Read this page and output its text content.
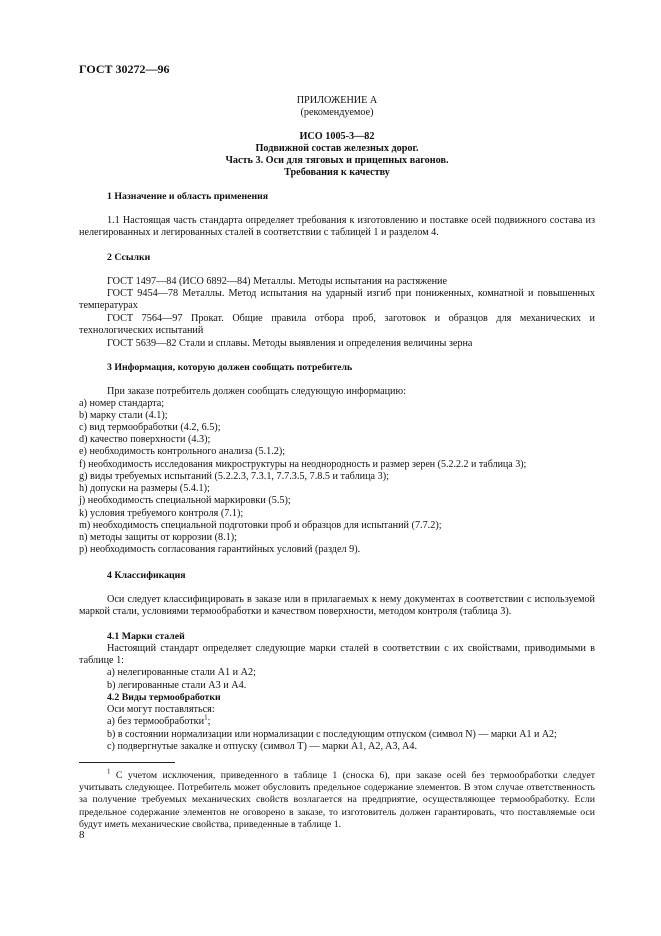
ГОСТ 30272—96
ПРИЛОЖЕНИЕ А
(рекомендуемое)
ИСО 1005-3—82
Подвижной состав железных дорог.
Часть 3. Оси для тяговых и прицепных вагонов.
Требования к качеству
1 Назначение и область применения
1.1 Настоящая часть стандарта определяет требования к изготовлению и поставке осей подвижного состава из нелегированных и легированных сталей в соответствии с таблицей 1 и разделом 4.
2 Ссылки
ГОСТ 1497—84 (ИСО 6892—84) Металлы. Методы испытания на растяжение
ГОСТ 9454—78 Металлы. Метод испытания на ударный изгиб при пониженных, комнатной и повышенных температурах
ГОСТ 7564—97 Прокат. Общие правила отбора проб, заготовок и образцов для механических и технологических испытаний
ГОСТ 5639—82 Стали и сплавы. Методы выявления и определения величины зерна
3 Информация, которую должен сообщать потребитель
При заказе потребитель должен сообщать следующую информацию:
a) номер стандарта;
b) марку стали (4.1);
c) вид термообработки (4.2, 6.5);
d) качество поверхности (4.3);
e) необходимость контрольного анализа (5.1.2);
f) необходимость исследования микроструктуры на неоднородность и размер зерен (5.2.2.2 и таблица 3);
g) виды требуемых испытаний (5.2.2.3, 7.3.1, 7.7.3.5, 7.8.5 и таблица 3);
h) допуски на размеры (5.4.1);
j) необходимость специальной маркировки (5.5);
k) условия требуемого контроля (7.1);
m) необходимость специальной подготовки проб и образцов для испытаний (7.7.2);
n) методы защиты от коррозии (8.1);
p) необходимость согласования гарантийных условий (раздел 9).
4 Классификация
Оси следует классифицировать в заказе или в прилагаемых к нему документах в соответствии с используемой маркой стали, условиями термообработки и качеством поверхности, методом контроля (таблица 3).
4.1 Марки сталей
Настоящий стандарт определяет следующие марки сталей в соответствии с их свойствами, приводимыми в таблице 1:
a) нелегированные стали A1 и A2;
b) легированные стали A3 и A4.
4.2 Виды термообработки
Оси могут поставляться:
a) без термообработки$^1$;
b) в состоянии нормализации или нормализации с последующим отпуском (символ N) — марки A1 и A2;
c) подвергнутые закалке и отпуску (символ T) — марки A1, A2, A3, A4.
$^1$ С учетом исключения, приведенного в таблице 1 (сноска 6), при заказе осей без термообработки следует учитывать следующее. Потребитель может обусловить предельное содержание элементов. В этом случае ответственность за получение требуемых механических свойств возлагается на предприятие, осуществляющее термообработку. Если предельное содержание элементов не оговорено в заказе, то изготовитель должен гарантировать, что поставляемые оси будут иметь механические свойства, приведенные в таблице 1.
8
